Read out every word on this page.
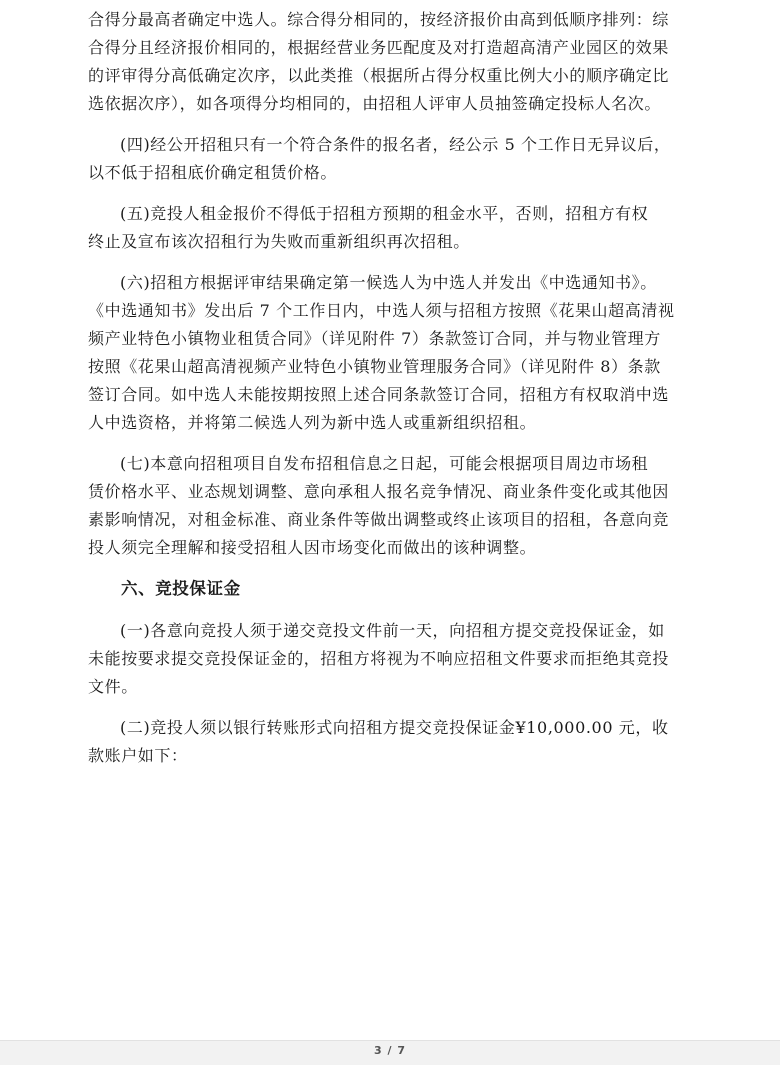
合得分最高者确定中选人。综合得分相同的，按经济报价由高到低顺序排列：综
合得分且经济报价相同的，根据经营业务匹配度及对打造超高清产业园区的效果
的评审得分高低确定次序，以此类推（根据所占得分权重比例大小的顺序确定比
选依据次序），如各项得分均相同的，由招租人评审人员抽签确定投标人名次。

(四)经公开招租只有一个符合条件的报名者，经公示 5 个工作日无异议后，
以不低于招租底价确定租赁价格。

(五)竞投人租金报价不得低于招租方预期的租金水平，否则，招租方有权
终止及宣布该次招租行为失败而重新组织再次招租。

(六)招租方根据评审结果确定第一候选人为中选人并发出《中选通知书》。
《中选通知书》发出后 7 个工作日内，中选人须与招租方按照《花果山超高清视
频产业特色小镇物业租赁合同》（详见附件 7）条款签订合同，并与物业管理方
按照《花果山超高清视频产业特色小镇物业管理服务合同》（详见附件 8）条款
签订合同。如中选人未能按期按照上述合同条款签订合同，招租方有权取消中选
人中选资格，并将第二候选人列为新中选人或重新组织招租。

(七)本意向招租项目自发布招租信息之日起，可能会根据项目周边市场租
赁价格水平、业态规划调整、意向承租人报名竞争情况、商业条件变化或其他因
素影响情况，对租金标准、商业条件等做出调整或终止该项目的招租，各意向竞
投人须完全理解和接受招租人因市场变化而做出的该种调整。

六、竞投保证金

(一)各意向竞投人须于递交竞投文件前一天，向招租方提交竞投保证金，如
未能按要求提交竞投保证金的，招租方将视为不响应招租文件要求而拒绝其竞投
文件。

(二)竞投人须以银行转账形式向招租方提交竞投保证金¥10,000.00 元，收
款账户如下：

3 / 7
